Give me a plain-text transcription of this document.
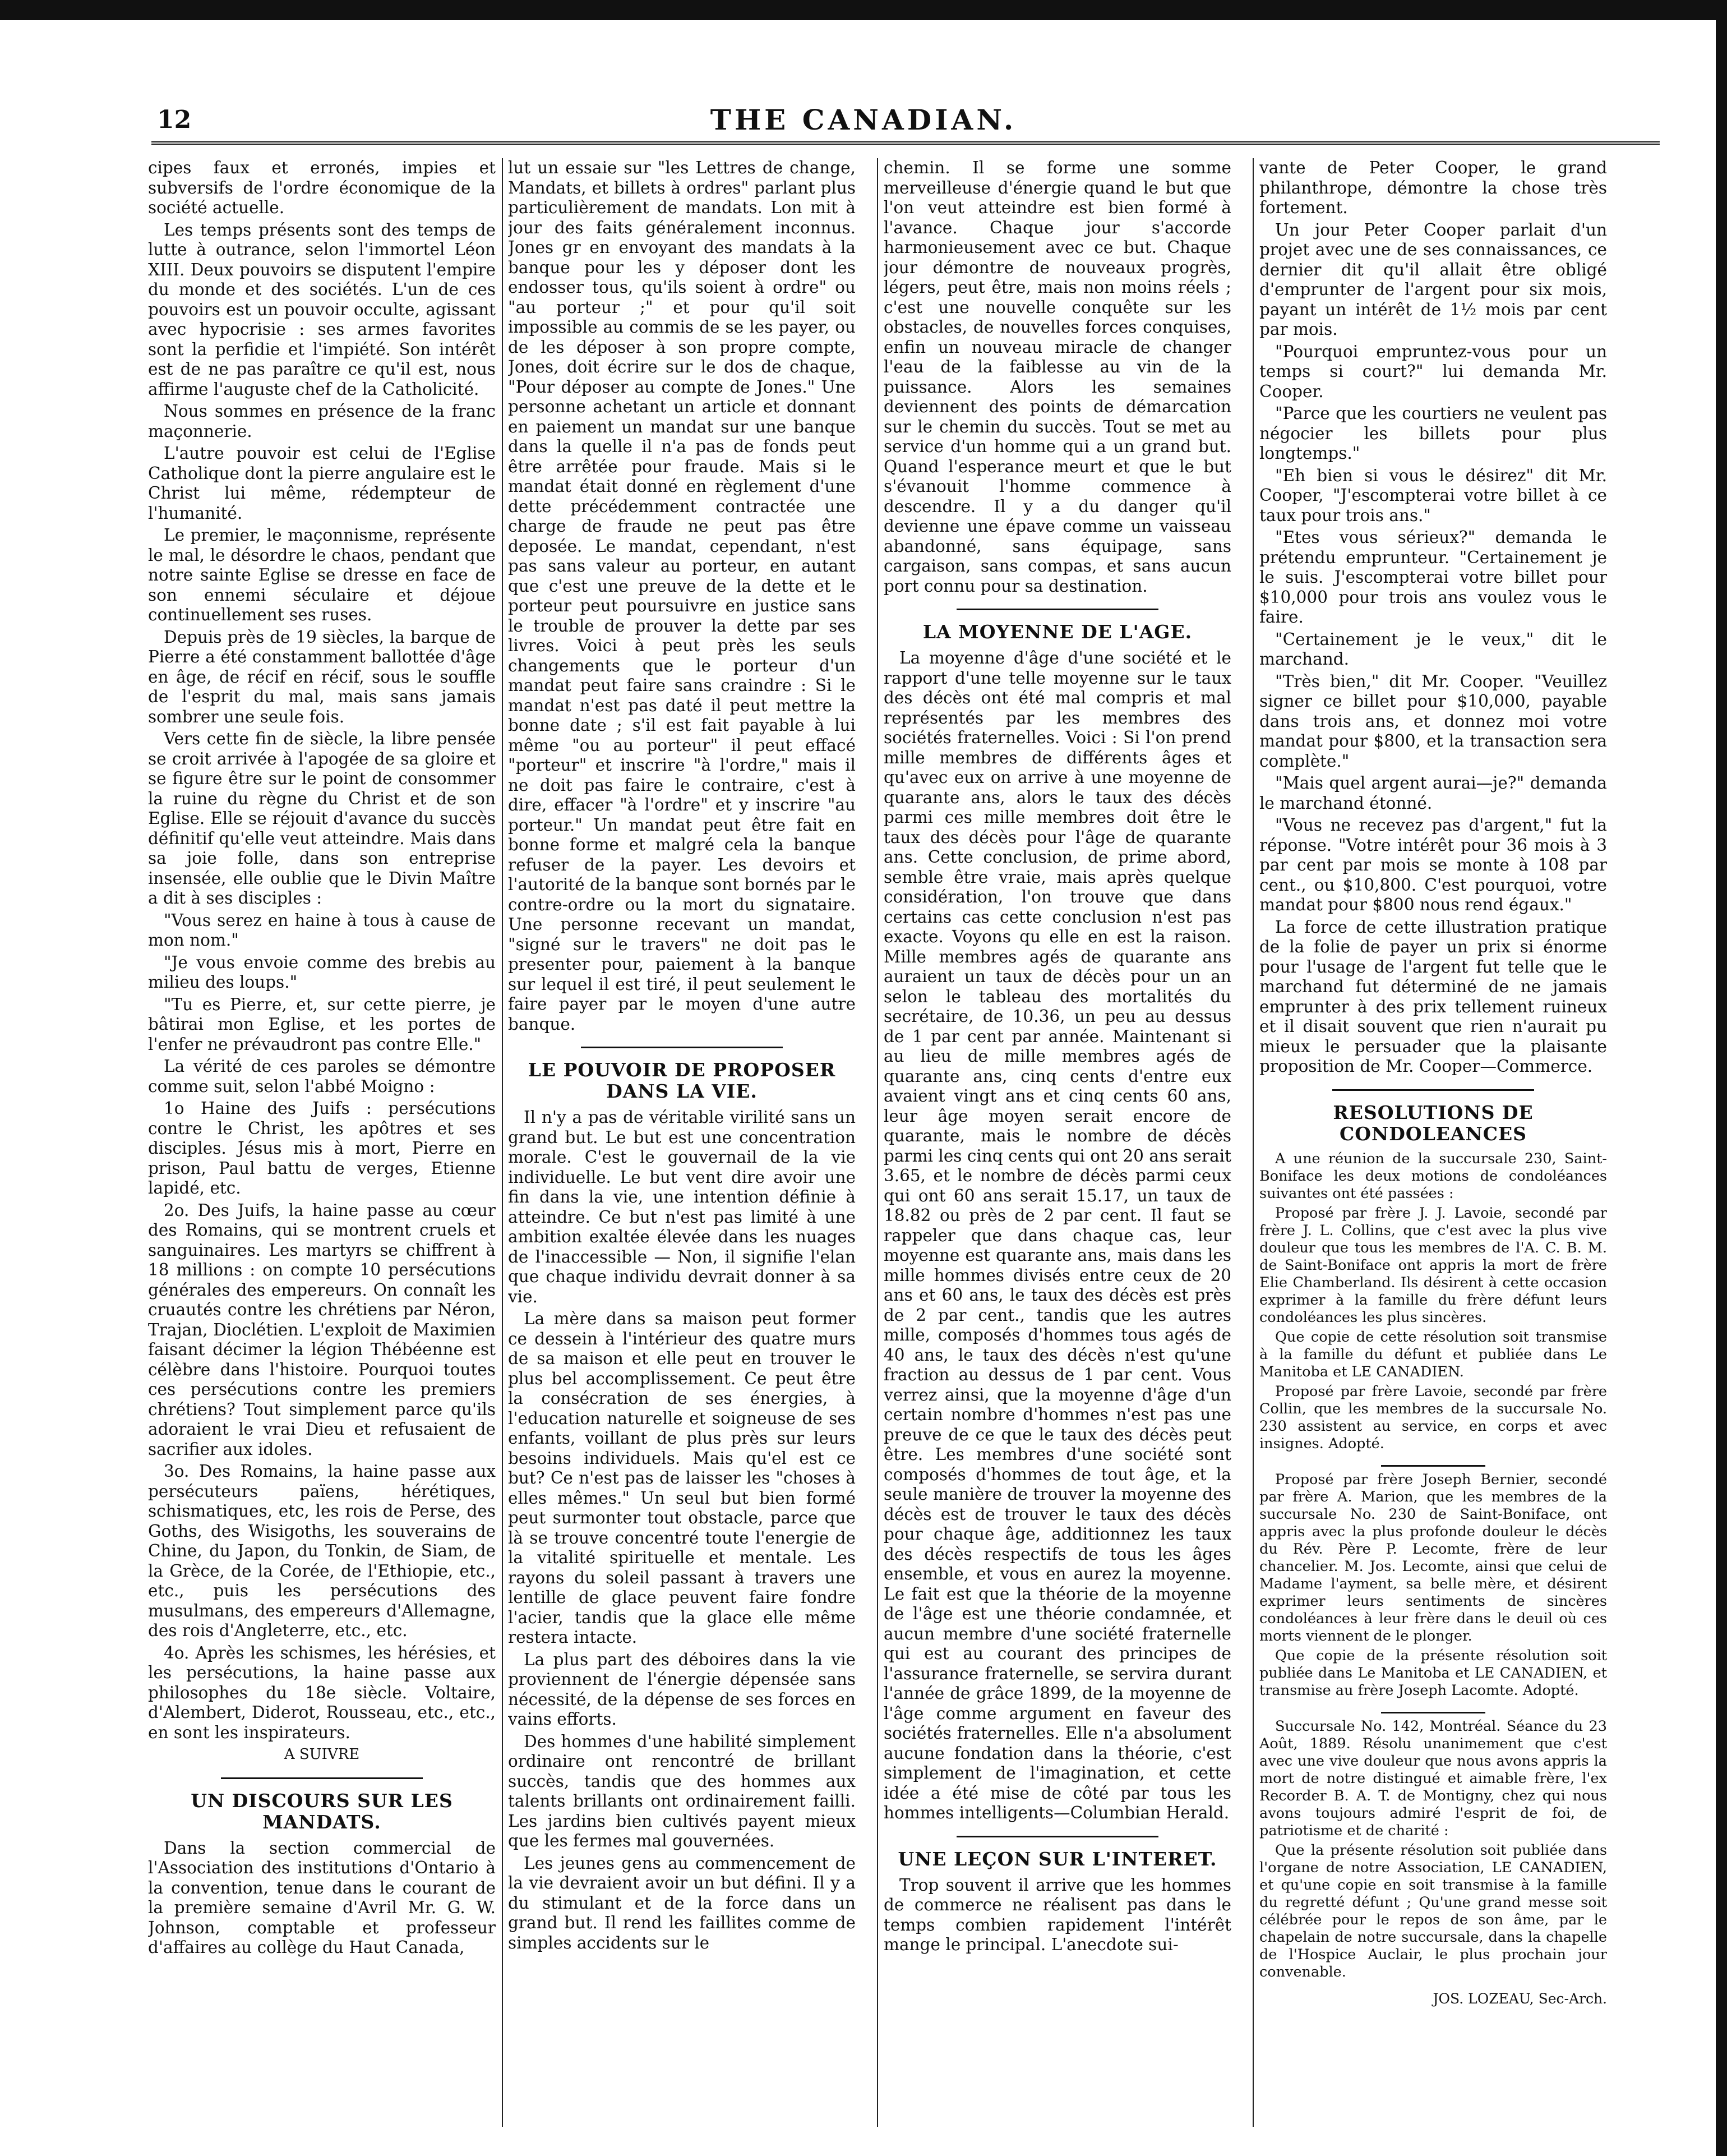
12	THE CANADIAN.

cipes faux et erronés, impies et subversifs de l'ordre économique de la société actuelle.

Les temps présents sont des temps de lutte à outrance, selon l'immortel Léon XIII. Deux pouvoirs se disputent l'empire du monde et des sociétés. L'un de ces pouvoirs est un pouvoir occulte, agissant avec hypocrisie : ses armes favorites sont la perfidie et l'impiété. Son intérêt est de ne pas paraître ce qu'il est, nous affirme l'auguste chef de la Catholicité.

Nous sommes en présence de la franc maçonnerie.

L'autre pouvoir est celui de l'Eglise Catholique dont la pierre angulaire est le Christ lui même, rédempteur de l'humanité.

Le premier, le maçonnisme, représente le mal, le désordre le chaos, pendant que notre sainte Eglise se dresse en face de son ennemi séculaire et déjoue continuellement ses ruses.

Depuis près de 19 siècles, la barque de Pierre a été constamment ballottée d'âge en âge, de récif en récif, sous le souffle de l'esprit du mal, mais sans jamais sombrer une seule fois.

Vers cette fin de siècle, la libre pensée se croit arrivée à l'apogée de sa gloire et se figure être sur le point de consommer la ruine du règne du Christ et de son Eglise. Elle se réjouit d'avance du succès définitif qu'elle veut atteindre. Mais dans sa joie folle, dans son entreprise insensée, elle oublie que le Divin Maître a dit à ses disciples :

"Vous serez en haine à tous à cause de mon nom."

"Je vous envoie comme des brebis au milieu des loups."

"Tu es Pierre, et, sur cette pierre, je bâtirai mon Eglise, et les portes de l'enfer ne prévaudront pas contre Elle."

La vérité de ces paroles se démontre comme suit, selon l'abbé Moigno :

1o Haine des Juifs : persécutions contre le Christ, les apôtres et ses disciples. Jésus mis à mort, Pierre en prison, Paul battu de verges, Etienne lapidé, etc.

2o. Des Juifs, la haine passe au cœur des Romains, qui se montrent cruels et sanguinaires. Les martyrs se chiffrent à 18 millions : on compte 10 persécutions générales des empereurs. On connaît les cruautés contre les chrétiens par Néron, Trajan, Dioclétien. L'exploit de Maximien faisant décimer la légion Thébéenne est célèbre dans l'histoire. Pourquoi toutes ces persécutions contre les premiers chrétiens? Tout simplement parce qu'ils adoraient le vrai Dieu et refusaient de sacrifier aux idoles.

3o. Des Romains, la haine passe aux persécuteurs païens, hérétiques, schismatiques, etc, les rois de Perse, des Goths, des Wisigoths, les souverains de Chine, du Japon, du Tonkin, de Siam, de la Grèce, de la Corée, de l'Ethiopie, etc., etc., puis les persécutions des musulmans, des empereurs d'Allemagne, des rois d'Angleterre, etc., etc.

4o. Après les schismes, les hérésies, et les persécutions, la haine passe aux philosophes du 18e siècle. Voltaire, d'Alembert, Diderot, Rousseau, etc., etc., en sont les inspirateurs.

A SUIVRE

UN DISCOURS SUR LES MANDATS.

Dans la section commercial de l'Association des institutions d'Ontario à la convention, tenue dans le courant de la première semaine d'Avril Mr. G. W. Johnson, comptable et professeur d'affaires au collège du Haut Canada,

lut un essaie sur "les Lettres de change, Mandats, et billets à ordres" parlant plus particulièrement de mandats. Lon mit à jour des faits généralement inconnus. Jones gr en envoyant des mandats à la banque pour les y déposer dont les endosser tous, qu'ils soient à ordre" ou "au porteur ;" et pour qu'il soit impossible au commis de se les payer, ou de les déposer à son propre compte, Jones, doit écrire sur le dos de chaque, "Pour déposer au compte de Jones." Une personne achetant un article et donnant en paiement un mandat sur une banque dans la quelle il n'a pas de fonds peut être arrêtée pour fraude. Mais si le mandat était donné en règlement d'une dette précédemment contractée une charge de fraude ne peut pas être deposée. Le mandat, cependant, n'est pas sans valeur au porteur, en autant que c'est une preuve de la dette et le porteur peut poursuivre en justice sans le trouble de prouver la dette par ses livres. Voici à peut près les seuls changements que le porteur d'un mandat peut faire sans craindre : Si le mandat n'est pas daté il peut mettre la bonne date ; s'il est fait payable à lui même "ou au porteur" il peut effacé "porteur" et inscrire "à l'ordre," mais il ne doit pas faire le contraire, c'est à dire, effacer "à l'ordre" et y inscrire "au porteur." Un mandat peut être fait en bonne forme et malgré cela la banque refuser de la payer. Les devoirs et l'autorité de la banque sont bornés par le contre-ordre ou la mort du signataire. Une personne recevant un mandat, "signé sur le travers" ne doit pas le presenter pour, paiement à la banque sur lequel il est tiré, il peut seulement le faire payer par le moyen d'une autre banque.

LE POUVOIR DE PROPOSER DANS LA VIE.

Il n'y a pas de véritable virilité sans un grand but. Le but est une concentration morale. C'est le gouvernail de la vie individuelle. Le but vent dire avoir une fin dans la vie, une intention définie à atteindre. Ce but n'est pas limité à une ambition exaltée élevée dans les nuages de l'inaccessible — Non, il signifie l'elan que chaque individu devrait donner à sa vie.

La mère dans sa maison peut former ce dessein à l'intérieur des quatre murs de sa maison et elle peut en trouver le plus bel accomplissement. Ce peut être la consécration de ses énergies, à l'education naturelle et soigneuse de ses enfants, voillant de plus près sur leurs besoins individuels. Mais qu'el est ce but? Ce n'est pas de laisser les "choses à elles mêmes." Un seul but bien formé peut surmonter tout obstacle, parce que là se trouve concentré toute l'energie de la vitalité spirituelle et mentale. Les rayons du soleil passant à travers une lentille de glace peuvent faire fondre l'acier, tandis que la glace elle même restera intacte.

La plus part des déboires dans la vie proviennent de l'énergie dépensée sans nécessité, de la dépense de ses forces en vains efforts.

Des hommes d'une habilité simplement ordinaire ont rencontré de brillant succès, tandis que des hommes aux talents brillants ont ordinairement failli. Les jardins bien cultivés payent mieux que les fermes mal gouvernées.

Les jeunes gens au commencement de la vie devraient avoir un but défini. Il y a du stimulant et de la force dans un grand but. Il rend les faillites comme de simples accidents sur le

chemin. Il se forme une somme merveilleuse d'énergie quand le but que l'on veut atteindre est bien formé à l'avance. Chaque jour s'accorde harmonieusement avec ce but. Chaque jour démontre de nouveaux progrès, légers, peut être, mais non moins réels ; c'est une nouvelle conquête sur les obstacles, de nouvelles forces conquises, enfin un nouveau miracle de changer l'eau de la faiblesse au vin de la puissance. Alors les semaines deviennent des points de démarcation sur le chemin du succès. Tout se met au service d'un homme qui a un grand but. Quand l'esperance meurt et que le but s'évanouit l'homme commence à descendre. Il y a du danger qu'il devienne une épave comme un vaisseau abandonné, sans équipage, sans cargaison, sans compas, et sans aucun port connu pour sa destination.

LA MOYENNE DE L'AGE.

La moyenne d'âge d'une société et le rapport d'une telle moyenne sur le taux des décès ont été mal compris et mal représentés par les membres des sociétés fraternelles. Voici : Si l'on prend mille membres de différents âges et qu'avec eux on arrive à une moyenne de quarante ans, alors le taux des décès parmi ces mille membres doit être le taux des décès pour l'âge de quarante ans. Cette conclusion, de prime abord, semble être vraie, mais après quelque considération, l'on trouve que dans certains cas cette conclusion n'est pas exacte. Voyons qu elle en est la raison. Mille membres agés de quarante ans auraient un taux de décès pour un an selon le tableau des mortalités du secrétaire, de 10.36, un peu au dessus de 1 par cent par année. Maintenant si au lieu de mille membres agés de quarante ans, cinq cents d'entre eux avaient vingt ans et cinq cents 60 ans, leur âge moyen serait encore de quarante, mais le nombre de décès parmi les cinq cents qui ont 20 ans serait 3.65, et le nombre de décès parmi ceux qui ont 60 ans serait 15.17, un taux de 18.82 ou près de 2 par cent. Il faut se rappeler que dans chaque cas, leur moyenne est quarante ans, mais dans les mille hommes divisés entre ceux de 20 ans et 60 ans, le taux des décès est près de 2 par cent., tandis que les autres mille, composés d'hommes tous agés de 40 ans, le taux des décès n'est qu'une fraction au dessus de 1 par cent. Vous verrez ainsi, que la moyenne d'âge d'un certain nombre d'hommes n'est pas une preuve de ce que le taux des décès peut être. Les membres d'une société sont composés d'hommes de tout âge, et la seule manière de trouver la moyenne des décès est de trouver le taux des décès pour chaque âge, additionnez les taux des décès respectifs de tous les âges ensemble, et vous en aurez la moyenne. Le fait est que la théorie de la moyenne de l'âge est une théorie condamnée, et aucun membre d'une société fraternelle qui est au courant des principes de l'assurance fraternelle, se servira durant l'année de grâce 1899, de la moyenne de l'âge comme argument en faveur des sociétés fraternelles. Elle n'a absolument aucune fondation dans la théorie, c'est simplement de l'imagination, et cette idée a été mise de côté par tous les hommes intelligents—Columbian Herald.

UNE LEÇON SUR L'INTERET.

Trop souvent il arrive que les hommes de commerce ne réalisent pas dans le temps combien rapidement l'intérêt mange le principal. L'anecdote sui-

vante de Peter Cooper, le grand philanthrope, démontre la chose très fortement.

Un jour Peter Cooper parlait d'un projet avec une de ses connaissances, ce dernier dit qu'il allait être obligé d'emprunter de l'argent pour six mois, payant un intérêt de 1½ mois par cent par mois.

"Pourquoi empruntez-vous pour un temps si court?" lui demanda Mr. Cooper.

"Parce que les courtiers ne veulent pas négocier les billets pour plus longtemps."

"Eh bien si vous le désirez" dit Mr. Cooper, "J'escompterai votre billet à ce taux pour trois ans."

"Etes vous sérieux?" demanda le prétendu emprunteur. "Certainement je le suis. J'escompterai votre billet pour $10,000 pour trois ans voulez vous le faire.

"Certainement je le veux," dit le marchand.

"Très bien," dit Mr. Cooper. "Veuillez signer ce billet pour $10,000, payable dans trois ans, et donnez moi votre mandat pour $800, et la transaction sera complète."

"Mais quel argent aurai—je?" demanda le marchand étonné.

"Vous ne recevez pas d'argent," fut la réponse. "Votre intérêt pour 36 mois à 3 par cent par mois se monte à 108 par cent., ou $10,800. C'est pourquoi, votre mandat pour $800 nous rend égaux."

La force de cette illustration pratique de la folie de payer un prix si énorme pour l'usage de l'argent fut telle que le marchand fut déterminé de ne jamais emprunter à des prix tellement ruineux et il disait souvent que rien n'aurait pu mieux le persuader que la plaisante proposition de Mr. Cooper—Commerce.

RESOLUTIONS DE CONDOLEANCES

A une réunion de la succursale 230, Saint-Boniface les deux motions de condoléances suivantes ont été passées :

Proposé par frère J. J. Lavoie, secondé par frère J. L. Collins, que c'est avec la plus vive douleur que tous les membres de l'A. C. B. M. de Saint-Boniface ont appris la mort de frère Elie Chamberland. Ils désirent à cette occasion exprimer à la famille du frère défunt leurs condoléances les plus sincères.

Que copie de cette résolution soit transmise à la famille du défunt et publiée dans Le Manitoba et LE CANADIEN.

Proposé par frère Lavoie, secondé par frère Collin, que les membres de la succursale No. 230 assistent au service, en corps et avec insignes. Adopté.

Proposé par frère Joseph Bernier, secondé par frère A. Marion, que les membres de la succursale No. 230 de Saint-Boniface, ont appris avec la plus profonde douleur le décès du Rév. Père P. Lecomte, frère de leur chancelier. M. Jos. Lecomte, ainsi que celui de Madame l'ayment, sa belle mère, et désirent exprimer leurs sentiments de sincères condoléances à leur frère dans le deuil où ces morts viennent de le plonger.

Que copie de la présente résolution soit publiée dans Le Manitoba et LE CANADIEN, et transmise au frère Joseph Lacomte. Adopté.

Succursale No. 142, Montréal. Séance du 23 Août, 1889. Résolu unanimement que c'est avec une vive douleur que nous avons appris la mort de notre distingué et aimable frère, l'ex Recorder B. A. T. de Montigny, chez qui nous avons toujours admiré l'esprit de foi, de patriotisme et de charité :

Que la présente résolution soit publiée dans l'organe de notre Association, LE CANADIEN, et qu'une copie en soit transmise à la famille du regretté défunt ; Qu'une grand messe soit célébrée pour le repos de son âme, par le chapelain de notre succursale, dans la chapelle de l'Hospice Auclair, le plus prochain jour convenable.

JOS. LOZEAU, Sec-Arch.
